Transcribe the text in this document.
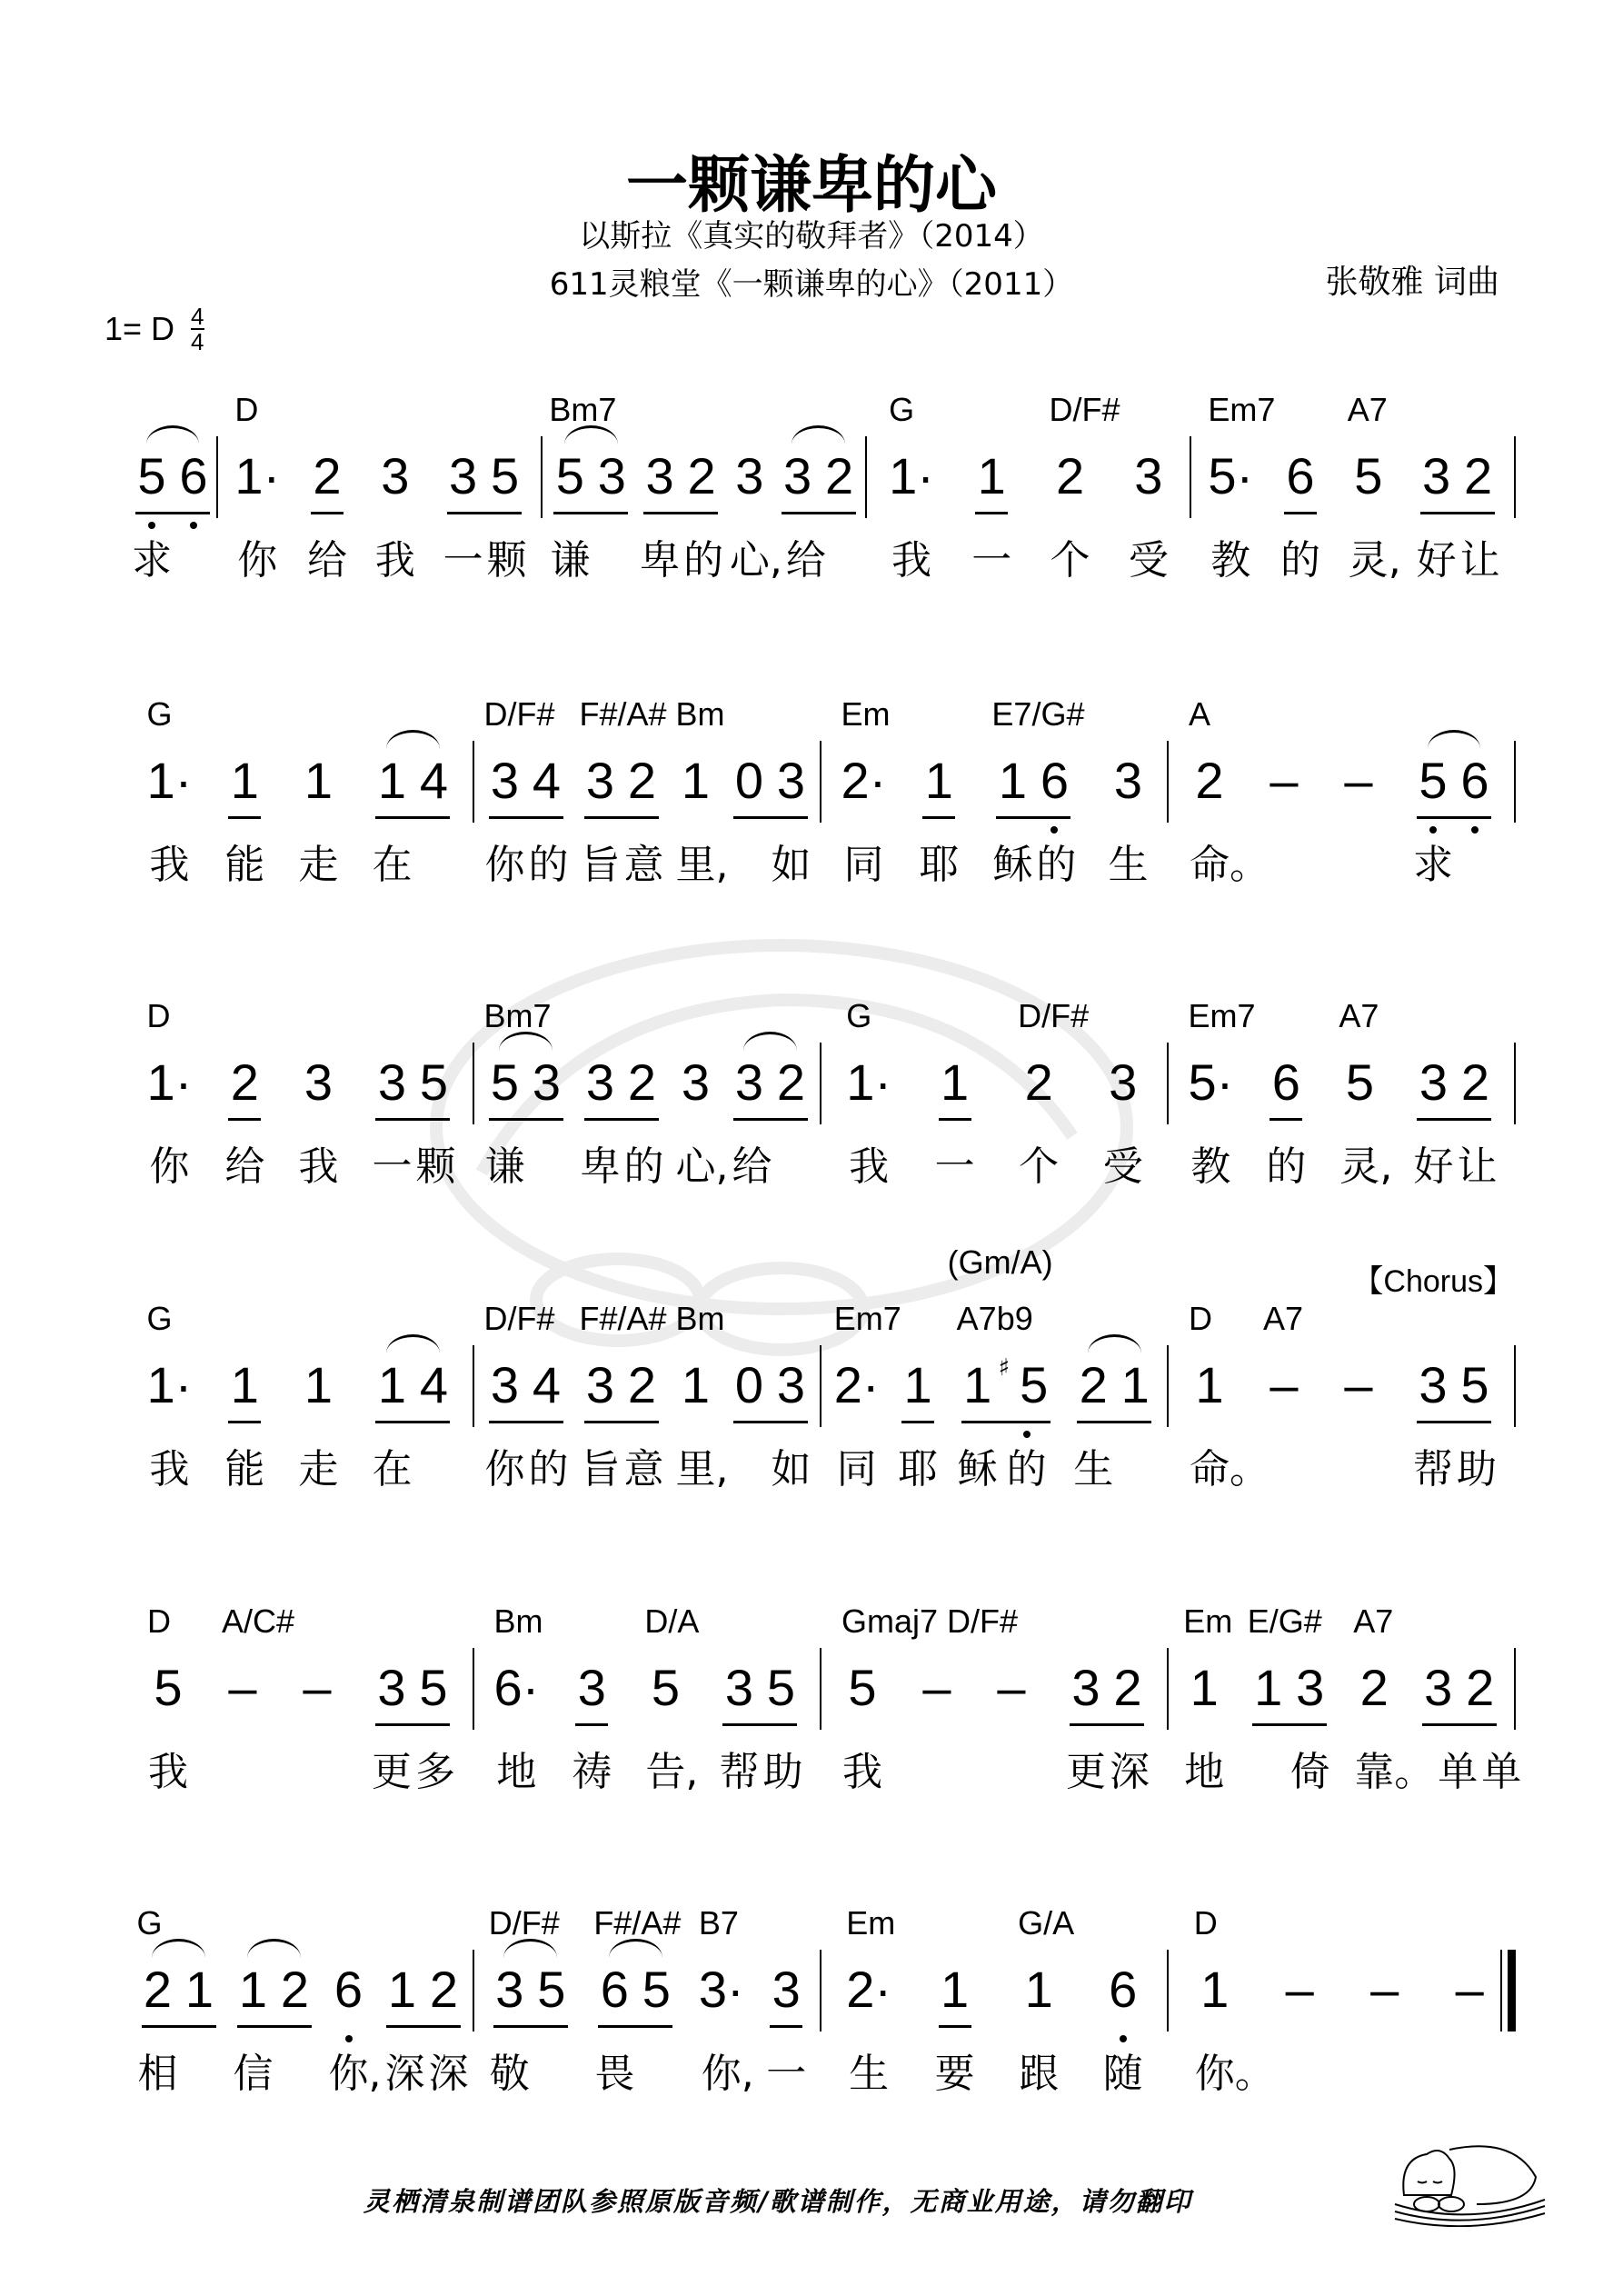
一颗谦卑的心
以斯拉《真实的敬拜者》（2014）
611灵粮堂《一颗谦卑的心》（2011）	张敬雅 词曲
1= D 4
4
【Chorus】
5
求
6
D
1·
你
2
给
3
我
3
一
5
颗
Bm7
5
谦
3 3
卑
2
的
3
心,
3
给
2
G
1·
我
1
一
D/F#
2
个
3
受
Em7
5·
教
6
的
A7
5
灵,
3
好
2
让
G
1·
我
1
能
1
走
1
在
4
D/F#
3
你
4
的
F#/A#
3
旨
2
意
Bm
1
里,
0 3
如
Em
2·
同
1
耶
E7/G#
1
稣
6
的
3
生
A
2
命。
– – 5
求
6
D
1·
你
2
给
3
我
3
一
5
颗
Bm7
5
谦
3 3
卑
2
的
3
心,
3
给
2
G
1·
我
1
一
D/F#
2
个
3
受
Em7
5·
教
6
的
A7
5
灵,
3
好
2
让
G
1·
我
1
能
1
走
1
在
4
D/F#
3
你
4
的
F#/A#
3
旨
2
意
Bm
1
里,
0 3
如
Em7
2·
同
1
耶
A7b9
(Gm/A)
1
稣
♯ 5
的
2
生
1
D
1
命。
A7
– – 3
帮
5
助
D
5
我
A/C#
– – 3
更
5
多
Bm
6·
地
3
祷
D/A
5
告,
3
帮
5
助
Gmaj7
5
我
D/F#
– – 3
更
2
深
Em
1
地
E/G#
1 3
倚
A7
2
靠。
3
单
2
单
G
2
相
1 1
信
2 6
你,
1
深
2
深
D/F#
3
敬
5
F#/A#
6
畏
5
B7
3·
你,
3
一
Em
2·
生
1
要
G/A
1
跟
6
随
D
1
你。
– – –
灵栖清泉制谱团队参照原版音频/歌谱制作，无商业用途，请勿翻印
